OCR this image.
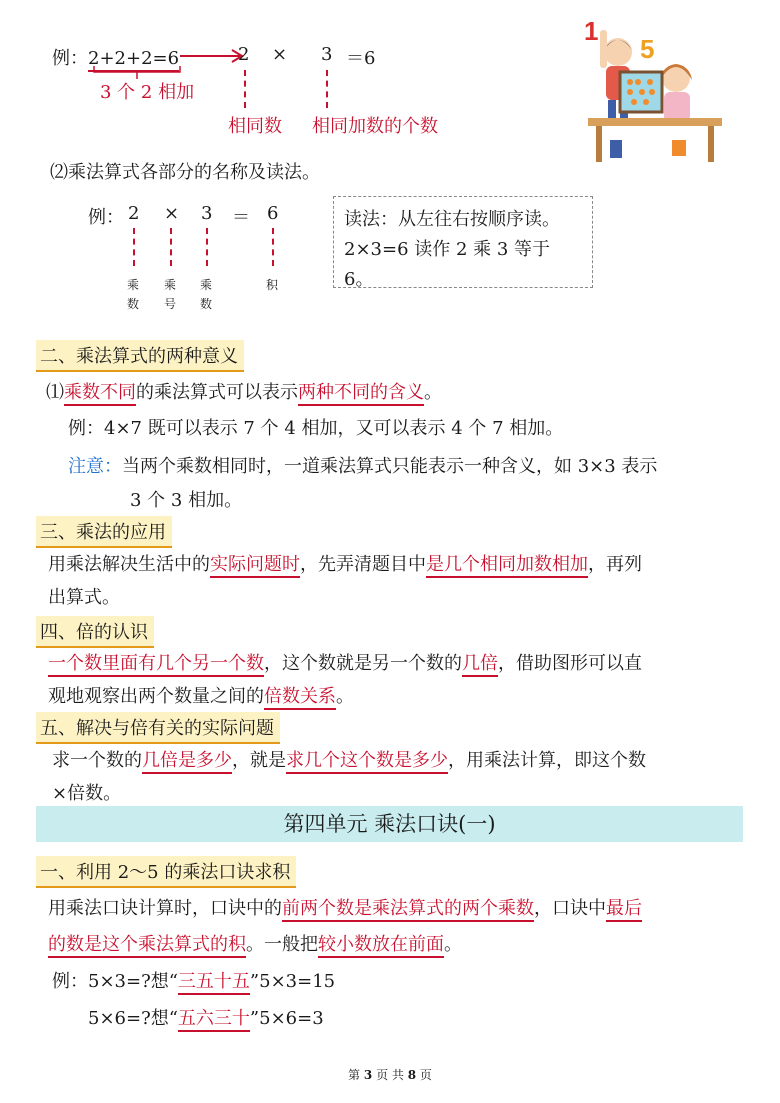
例：2+2+2=6	2 × 3 ＝6
3 个 2 相加
相同数 相同加数的个数
1
5
⑵乘法算式各部分的名称及读法。
例： 2 × 3 ＝ 6
乘数
乘号
乘数
积
读法：从左往右按顺序读。
2×3=6 读作 2 乘 3 等于 6。
二、乘法算式的两种意义
⑴乘数不同的乘法算式可以表示两种不同的含义。
例：4×7 既可以表示 7 个 4 相加，又可以表示 4 个 7 相加。
注意：当两个乘数相同时，一道乘法算式只能表示一种含义，如 3×3 表示
3 个 3 相加。
三、乘法的应用
用乘法解决生活中的实际问题时，先弄清题目中是几个相同加数相加，再列
出算式。
四、倍的认识
一个数里面有几个另一个数，这个数就是另一个数的几倍，借助图形可以直
观地观察出两个数量之间的倍数关系。
五、解决与倍有关的实际问题
求一个数的几倍是多少，就是求几个这个数是多少，用乘法计算，即这个数
×倍数。
第四单元 乘法口诀(一)
一、利用 2～5 的乘法口诀求积
用乘法口诀计算时，口诀中的前两个数是乘法算式的两个乘数，口诀中最后
的数是这个乘法算式的积。一般把较小数放在前面。
例：5×3=?想“三五十五”5×3=15
5×6=?想“五六三十”5×6=3
第 3 页 共 8 页
